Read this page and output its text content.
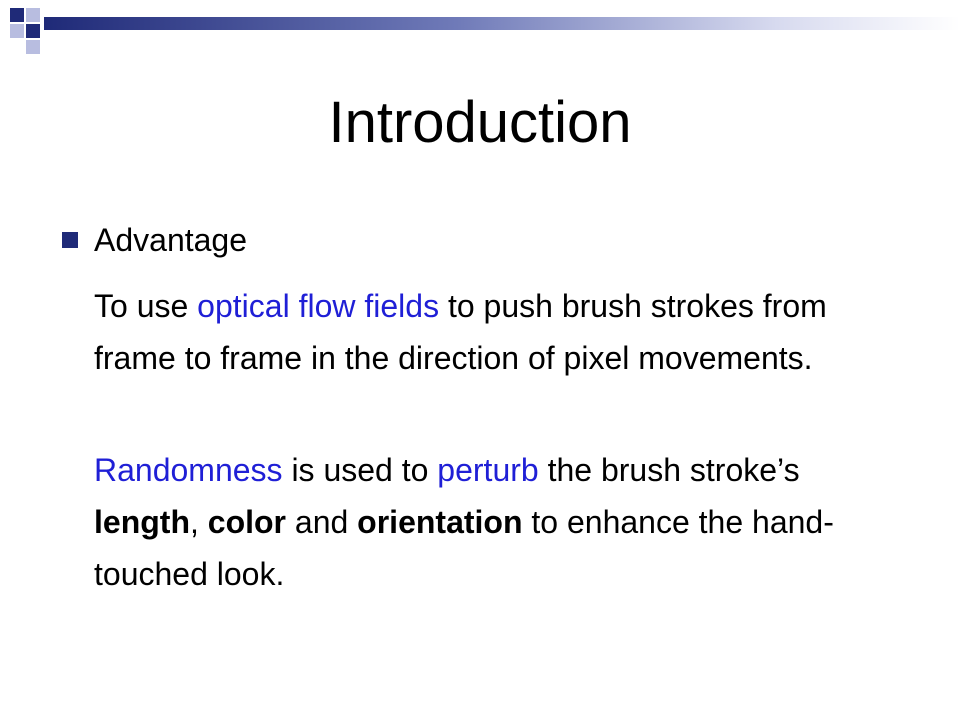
Introduction
Advantage

To use optical flow fields to push brush strokes from frame to frame in the direction of pixel movements.

Randomness is used to perturb the brush stroke’s length, color and orientation to enhance the hand-touched look.
